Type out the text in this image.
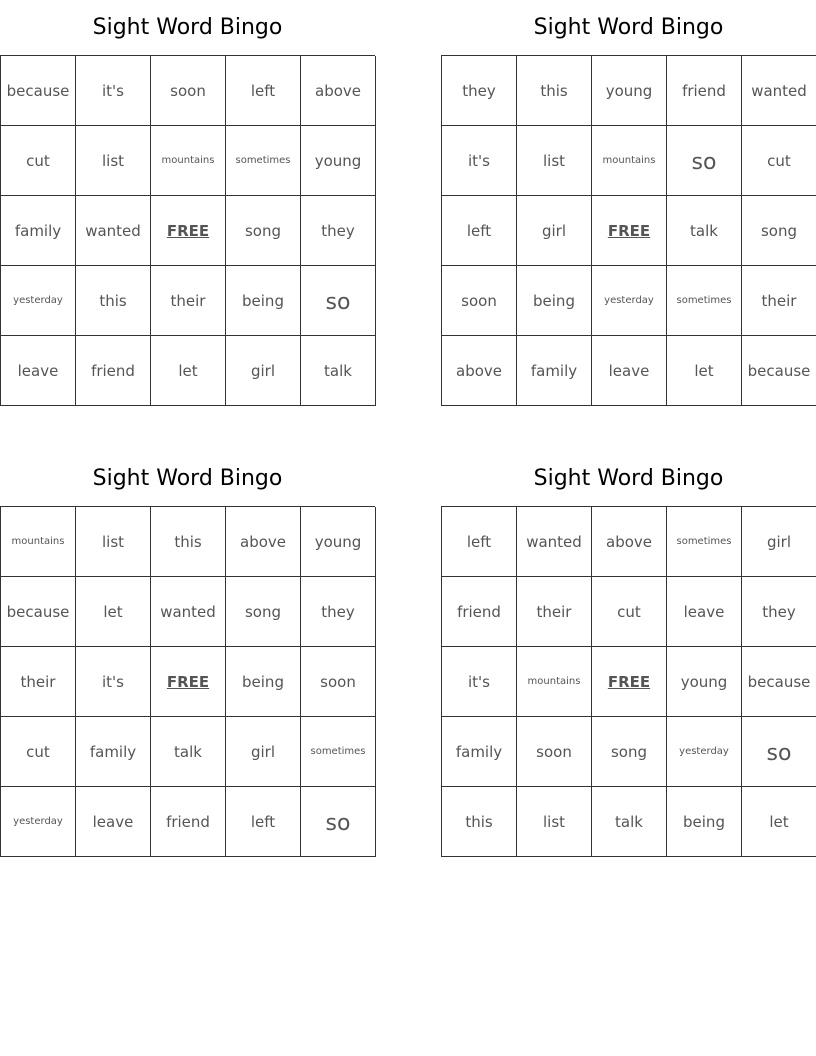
Sight Word Bingo
because	it's	soon	left	above
cut	list	mountains	sometimes	young
family	wanted	FREE	song	they
yesterday	this	their	being	so
leave	friend	let	girl	talk
Sight Word Bingo
they	this	young	friend	wanted
it's	list	mountains	so	cut
left	girl	FREE	talk	song
soon	being	yesterday	sometimes	their
above	family	leave	let	because
Sight Word Bingo
mountains	list	this	above	young
because	let	wanted	song	they
their	it's	FREE	being	soon
cut	family	talk	girl	sometimes
yesterday	leave	friend	left	so
Sight Word Bingo
left	wanted	above	sometimes	girl
friend	their	cut	leave	they
it's	mountains	FREE	young	because
family	soon	song	yesterday	so
this	list	talk	being	let
